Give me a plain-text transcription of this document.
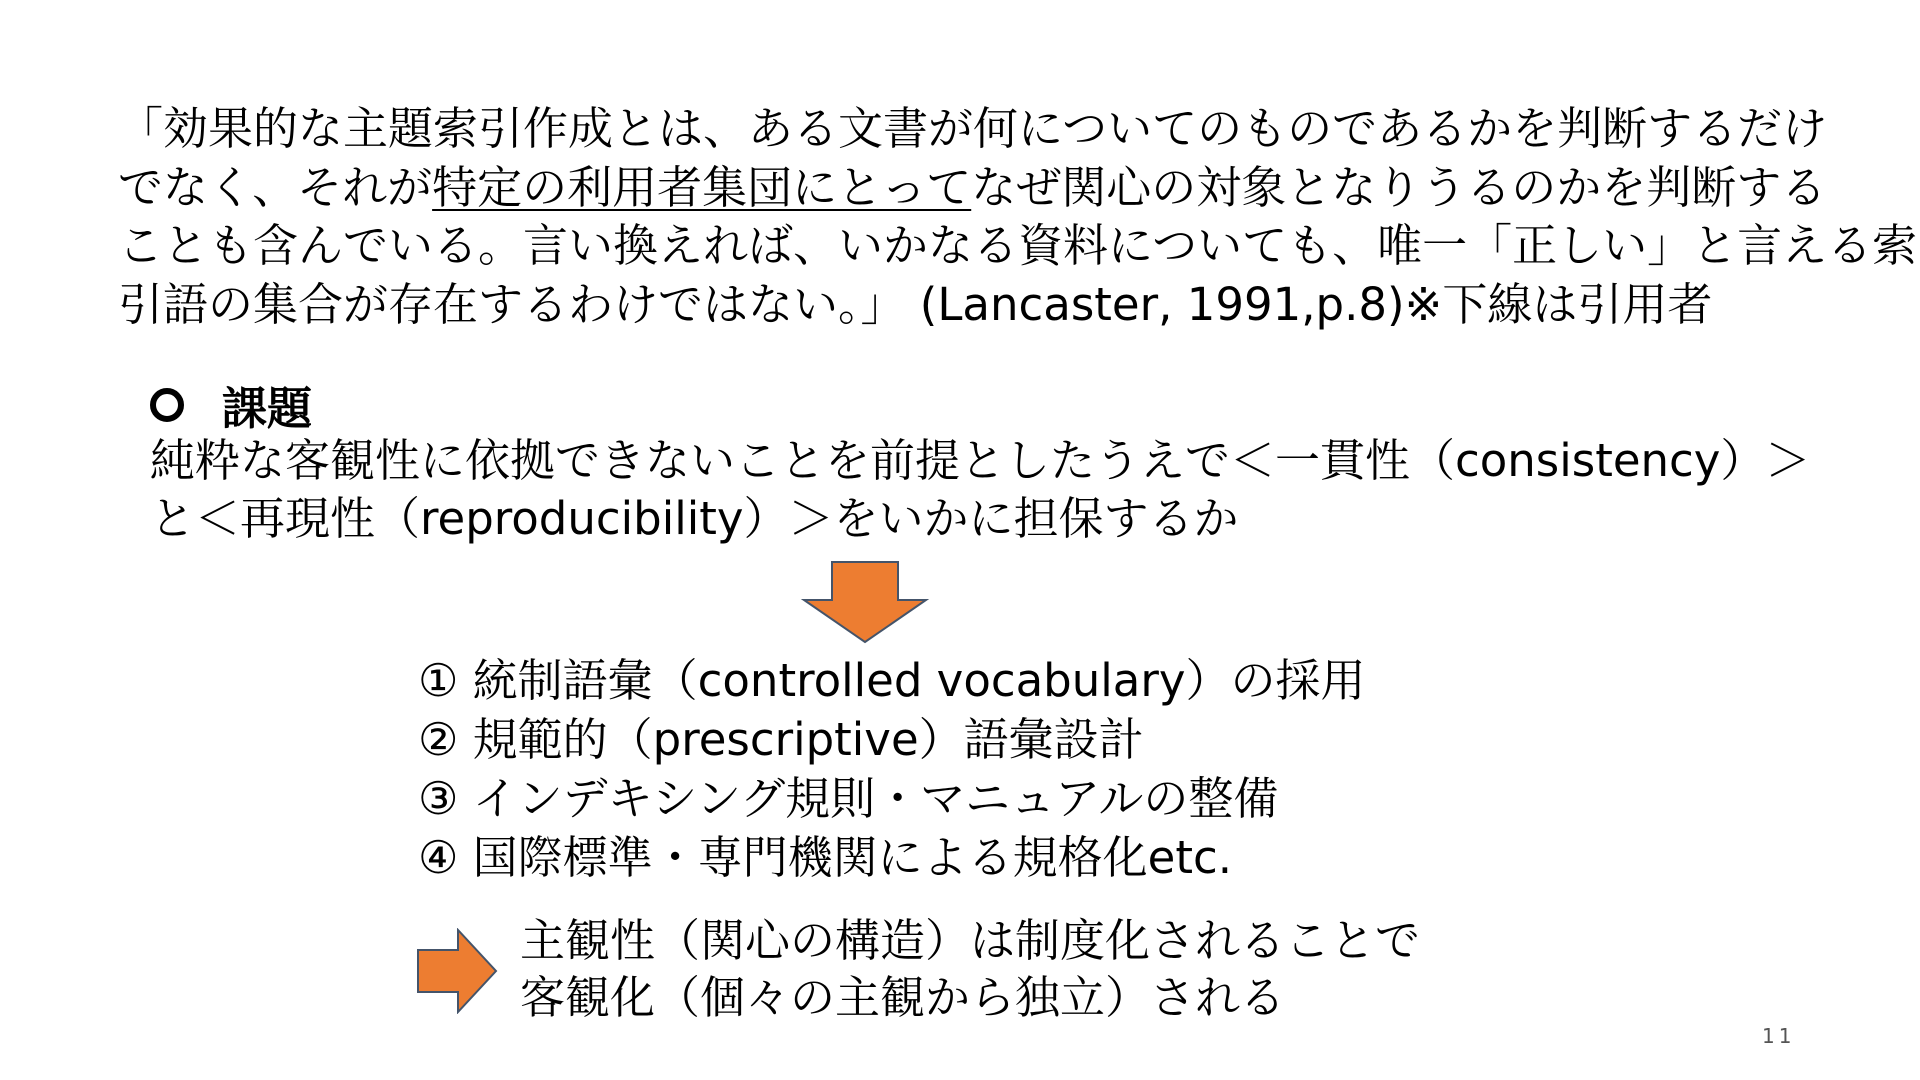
「効果的な主題索引作成とは、ある文書が何についてのものであるかを判断するだけ
でなく、それが特定の利用者集団にとってなぜ関心の対象となりうるのかを判断する
ことも含んでいる。言い換えれば、いかなる資料についても、唯一「正しい」と言える索
引語の集合が存在するわけではない。」 (Lancaster, 1991,p.8)※下線は引用者
課題
純粋な客観性に依拠できないことを前提としたうえで＜一貫性（consistency）＞
と＜再現性（reproducibility）＞をいかに担保するか
① 統制語彙（controlled vocabulary）の採用
② 規範的（prescriptive）語彙設計
③ インデキシング規則・マニュアルの整備
④ 国際標準・専門機関による規格化etc.
主観性（関心の構造）は制度化されることで
客観化（個々の主観から独立）される
11
